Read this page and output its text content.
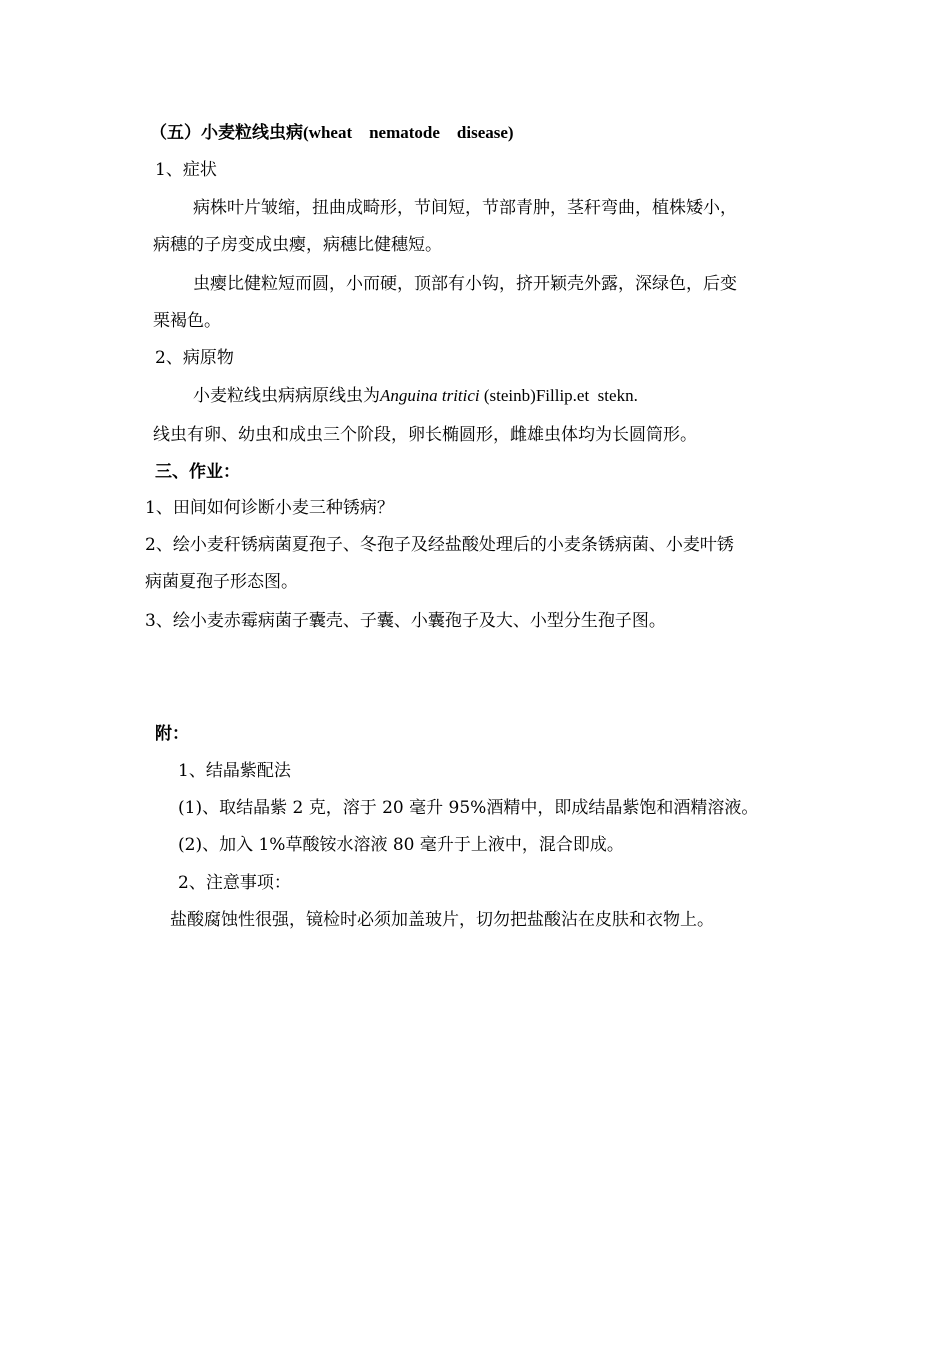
（五）小麦粒线虫病(wheat    nematode    disease)
1、症状
病株叶片皱缩，扭曲成畸形，节间短，节部青肿，茎秆弯曲，植株矮小，
病穗的子房变成虫瘿，病穗比健穗短。
虫瘿比健粒短而圆，小而硬，顶部有小钩，挤开颖壳外露，深绿色，后变
栗褐色。
2、病原物
小麦粒线虫病病原线虫为Anguina tritici (steinb)Fillip.et  stekn.
线虫有卵、幼虫和成虫三个阶段，卵长椭圆形，雌雄虫体均为长圆筒形。
三、作业：
1、田间如何诊断小麦三种锈病？
2、绘小麦秆锈病菌夏孢子、冬孢子及经盐酸处理后的小麦条锈病菌、小麦叶锈
病菌夏孢子形态图。
3、绘小麦赤霉病菌子囊壳、子囊、小囊孢子及大、小型分生孢子图。
附：
1、结晶紫配法
(1)、取结晶紫 2 克，溶于 20 毫升 95%酒精中，即成结晶紫饱和酒精溶液。
(2)、加入 1%草酸铵水溶液 80 毫升于上液中，混合即成。
2、注意事项：
盐酸腐蚀性很强，镜检时必须加盖玻片，切勿把盐酸沾在皮肤和衣物上。
